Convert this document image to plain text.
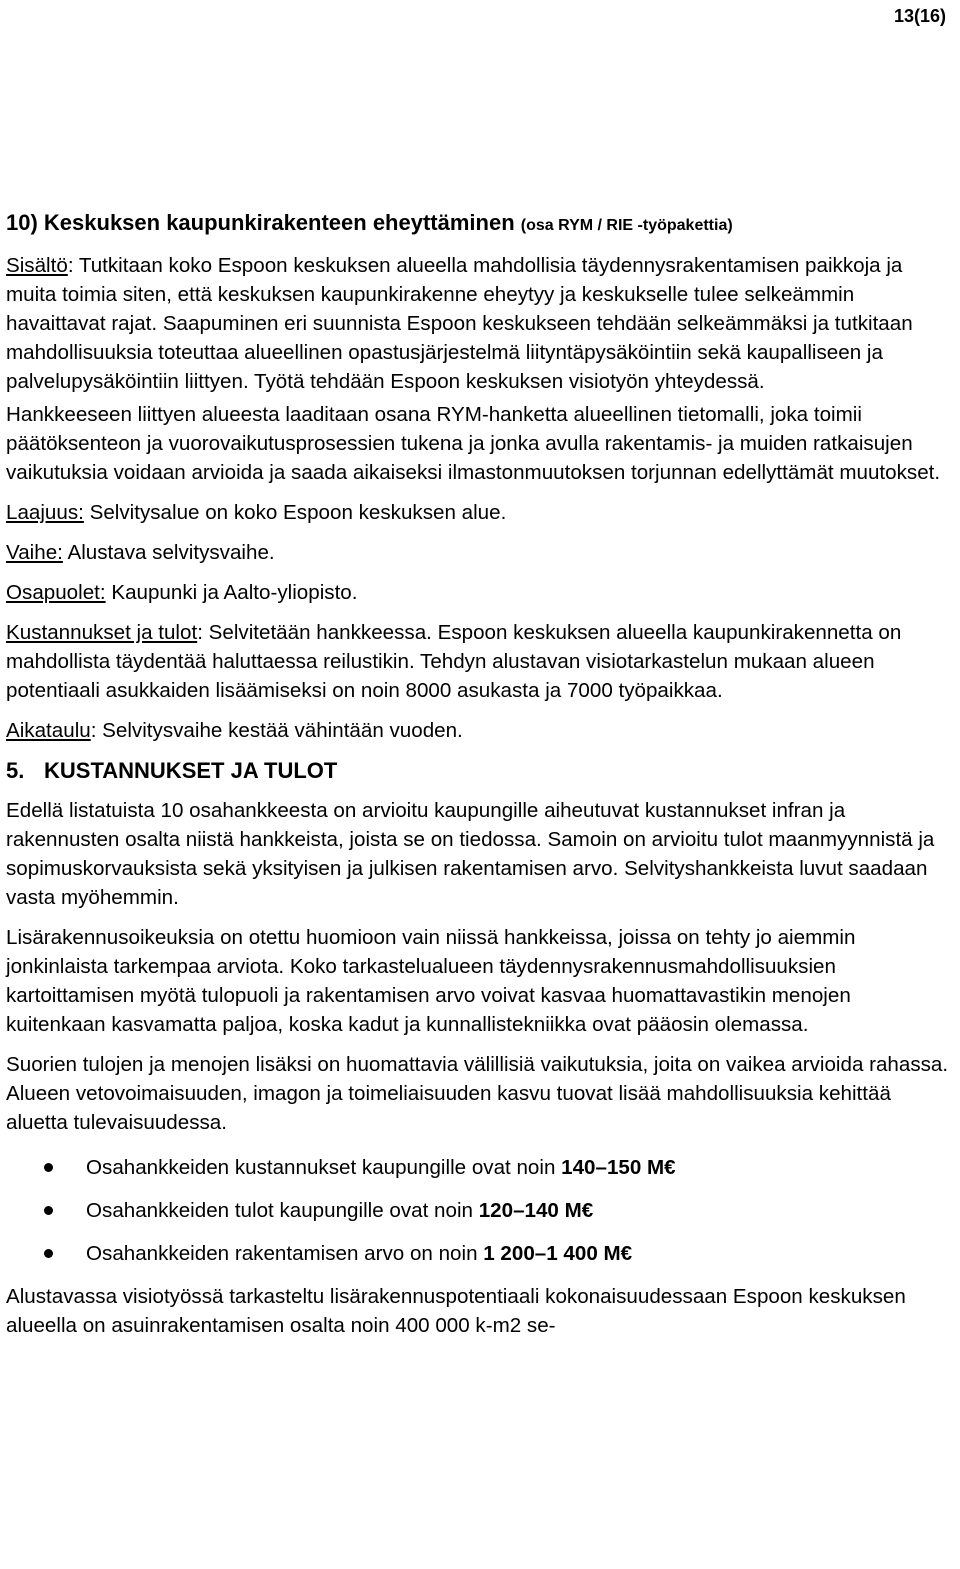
13(16)

10) Keskuksen kaupunkirakenteen eheyttäminen (osa RYM / RIE -työpakettia)

Sisältö: Tutkitaan koko Espoon keskuksen alueella mahdollisia täydennysrakentamisen paikkoja ja muita toimia siten, että keskuksen kaupunkirakenne eheytyy ja keskukselle tulee selkeämmin havaittavat rajat. Saapuminen eri suunnista Espoon keskukseen tehdään selkeämmäksi ja tutkitaan mahdollisuuksia toteuttaa alueellinen opastusjärjestelmä liityntäpysäköintiin sekä kaupalliseen ja palvelupysäköintiin liittyen. Työtä tehdään Espoon keskuksen visiotyön yhteydessä.

Hankkeeseen liittyen alueesta laaditaan osana RYM-hanketta alueellinen tietomalli, joka toimii päätöksenteon ja vuorovaikutusprosessien tukena ja jonka avulla rakentamis- ja muiden ratkaisujen vaikutuksia voidaan arvioida ja saada aikaiseksi ilmastonmuutoksen torjunnan edellyttämät muutokset.

Laajuus: Selvitysalue on koko Espoon keskuksen alue.

Vaihe: Alustava selvitysvaihe.

Osapuolet: Kaupunki ja Aalto-yliopisto.

Kustannukset ja tulot: Selvitetään hankkeessa. Espoon keskuksen alueella kaupunkirakennetta on mahdollista täydentää haluttaessa reilustikin. Tehdyn alustavan visiotarkastelun mukaan alueen potentiaali asukkaiden lisäämiseksi on noin 8000 asukasta ja 7000 työpaikkaa.

Aikataulu: Selvitysvaihe kestää vähintään vuoden.

5. KUSTANNUKSET JA TULOT

Edellä listatuista 10 osahankkeesta on arvioitu kaupungille aiheutuvat kustannukset infran ja rakennusten osalta niistä hankkeista, joista se on tiedossa. Samoin on arvioitu tulot maanmyynnistä ja sopimuskorvauksista sekä yksityisen ja julkisen rakentamisen arvo. Selvityshankkeista luvut saadaan vasta myöhemmin.

Lisärakennusoikeuksia on otettu huomioon vain niissä hankkeissa, joissa on tehty jo aiemmin jonkinlaista tarkempaa arviota. Koko tarkastelualueen täydennysrakennusmahdollisuuksien kartoittamisen myötä tulopuoli ja rakentamisen arvo voivat kasvaa huomattavastikin menojen kuitenkaan kasvamatta paljoa, koska kadut ja kunnallistekniikka ovat pääosin olemassa.

Suorien tulojen ja menojen lisäksi on huomattavia välillisiä vaikutuksia, joita on vaikea arvioida rahassa. Alueen vetovoimaisuuden, imagon ja toimeliaisuuden kasvu tuovat lisää mahdollisuuksia kehittää aluetta tulevaisuudessa.

Osahankkeiden kustannukset kaupungille ovat noin 140–150 M€
Osahankkeiden tulot kaupungille ovat noin 120–140 M€
Osahankkeiden rakentamisen arvo on noin 1 200–1 400 M€

Alustavassa visiotyössä tarkasteltu lisärakennuspotentiaali kokonaisuudessaan Espoon keskuksen alueella on asuinrakentamisen osalta noin 400 000 k-m2 se-
